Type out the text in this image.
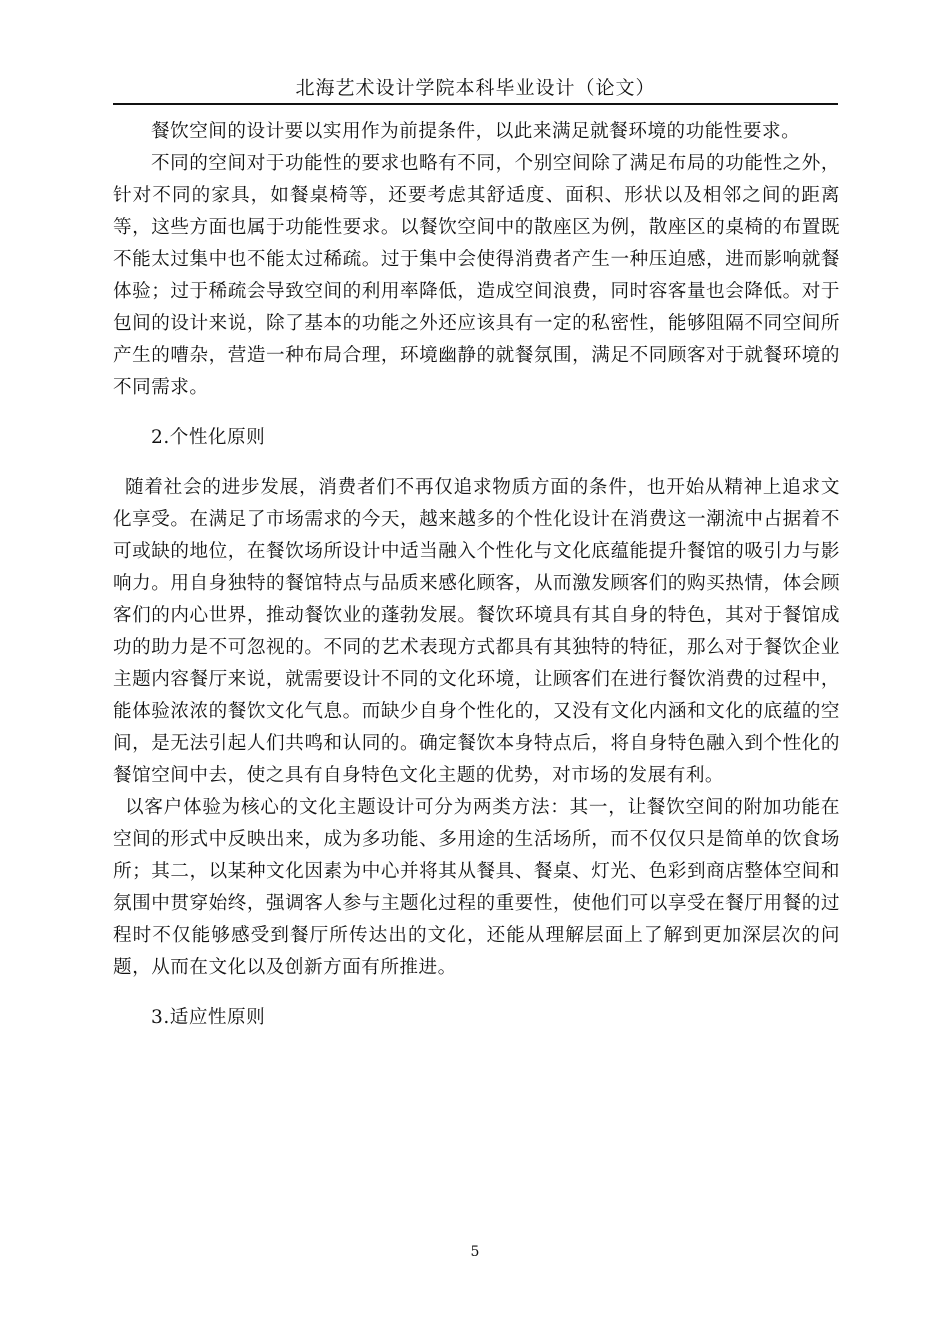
北海艺术设计学院本科毕业设计（论文）

餐饮空间的设计要以实用作为前提条件，以此来满足就餐环境的功能性要求。

不同的空间对于功能性的要求也略有不同，个别空间除了满足布局的功能性之外，针对不同的家具，如餐桌椅等，还要考虑其舒适度、面积、形状以及相邻之间的距离等，这些方面也属于功能性要求。以餐饮空间中的散座区为例，散座区的桌椅的布置既不能太过集中也不能太过稀疏。过于集中会使得消费者产生一种压迫感，进而影响就餐体验；过于稀疏会导致空间的利用率降低，造成空间浪费，同时容客量也会降低。对于包间的设计来说，除了基本的功能之外还应该具有一定的私密性，能够阻隔不同空间所产生的嘈杂，营造一种布局合理，环境幽静的就餐氛围，满足不同顾客对于就餐环境的不同需求。

2.个性化原则

随着社会的进步发展，消费者们不再仅追求物质方面的条件，也开始从精神上追求文化享受。在满足了市场需求的今天，越来越多的个性化设计在消费这一潮流中占据着不可或缺的地位，在餐饮场所设计中适当融入个性化与文化底蕴能提升餐馆的吸引力与影响力。用自身独特的餐馆特点与品质来感化顾客，从而激发顾客们的购买热情，体会顾客们的内心世界，推动餐饮业的蓬勃发展。餐饮环境具有其自身的特色，其对于餐馆成功的助力是不可忽视的。不同的艺术表现方式都具有其独特的特征，那么对于餐饮企业主题内容餐厅来说，就需要设计不同的文化环境，让顾客们在进行餐饮消费的过程中，能体验浓浓的餐饮文化气息。而缺少自身个性化的，又没有文化内涵和文化的底蕴的空间，是无法引起人们共鸣和认同的。确定餐饮本身特点后，将自身特色融入到个性化的餐馆空间中去，使之具有自身特色文化主题的优势，对市场的发展有利。

以客户体验为核心的文化主题设计可分为两类方法：其一，让餐饮空间的附加功能在空间的形式中反映出来，成为多功能、多用途的生活场所，而不仅仅只是简单的饮食场所；其二，以某种文化因素为中心并将其从餐具、餐桌、灯光、色彩到商店整体空间和氛围中贯穿始终，强调客人参与主题化过程的重要性，使他们可以享受在餐厅用餐的过程时不仅能够感受到餐厅所传达出的文化，还能从理解层面上了解到更加深层次的问题，从而在文化以及创新方面有所推进。

3.适应性原则

5
